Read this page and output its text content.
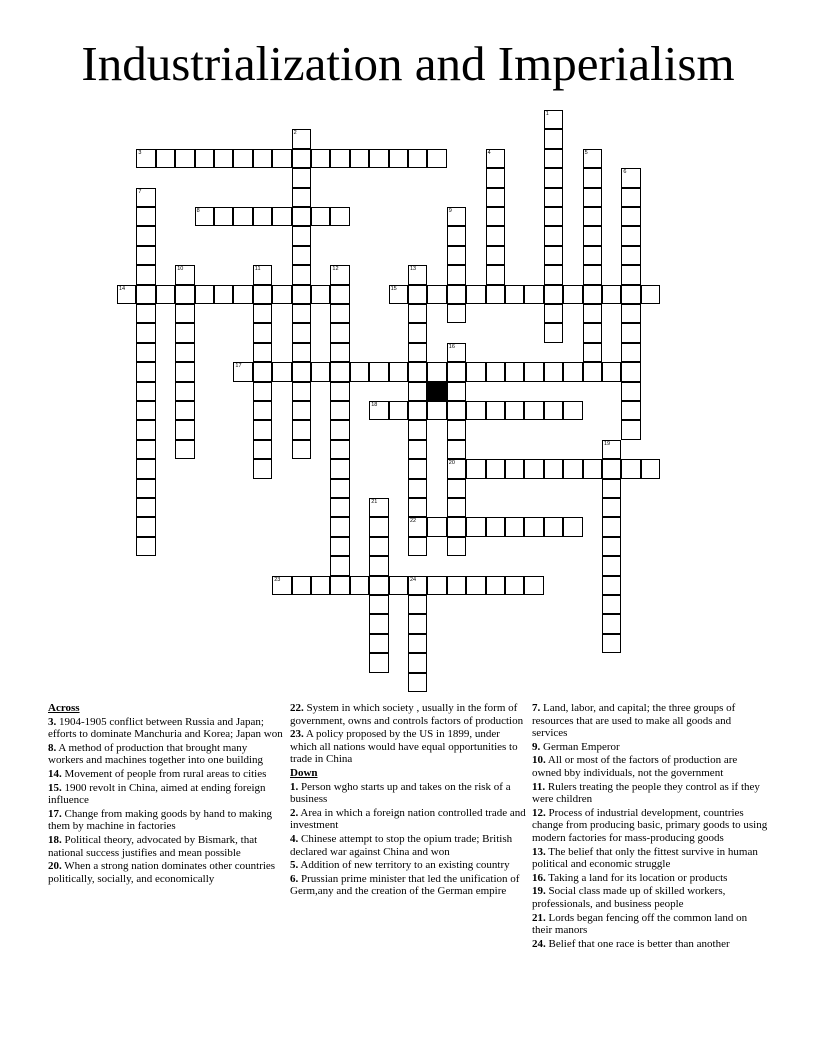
Industrialization and Imperialism
1
2
3	4	5
6
7
8	9
10	11	12	13
22
14	15
16
20
17
18
19
21
23	24
Across
3. 1904-1905 conflict between Russia and Japan; efforts to dominate Manchuria and Korea; Japan won
8. A method of production that brought many workers and machines together into one building
14. Movement of people from rural areas to cities
15. 1900 revolt in China, aimed at ending foreign influence
17. Change from making goods by hand to making them by machine in factories
18. Political theory, advocated by Bismark, that national success justifies and mean possible
20. When a strong nation dominates other countries politically, socially, and economically
22. System in which society , usually in the form of government, owns and controls factors of production
23. A policy proposed by the US in 1899, under which all nations would have equal opportunities to trade in China
Down
1. Person wgho starts up and takes on the risk of a business
2. Area in which a foreign nation controlled trade and investment
4. Chinese attempt to stop the opium trade; British declared war against China and won
5. Addition of new territory to an existing country
6. Prussian prime minister that led the unification of Germ,any and the creation of the German empire
7. Land, labor, and capital; the three groups of resources that are used to make all goods and services
9. German Emperor
10. All or most of the factors of production are owned bby individuals, not the government
11. Rulers treating the people they control as if they were children
12. Process of industrial development, countries change from producing basic, primary goods to using modern factories for mass-producing goods
13. The belief that only the fittest survive in human political and economic struggle
16. Taking a land for its location or products
19. Social class made up of skilled workers, professionals, and business people
21. Lords began fencing off the common land on their manors
24. Belief that one race is better than another
